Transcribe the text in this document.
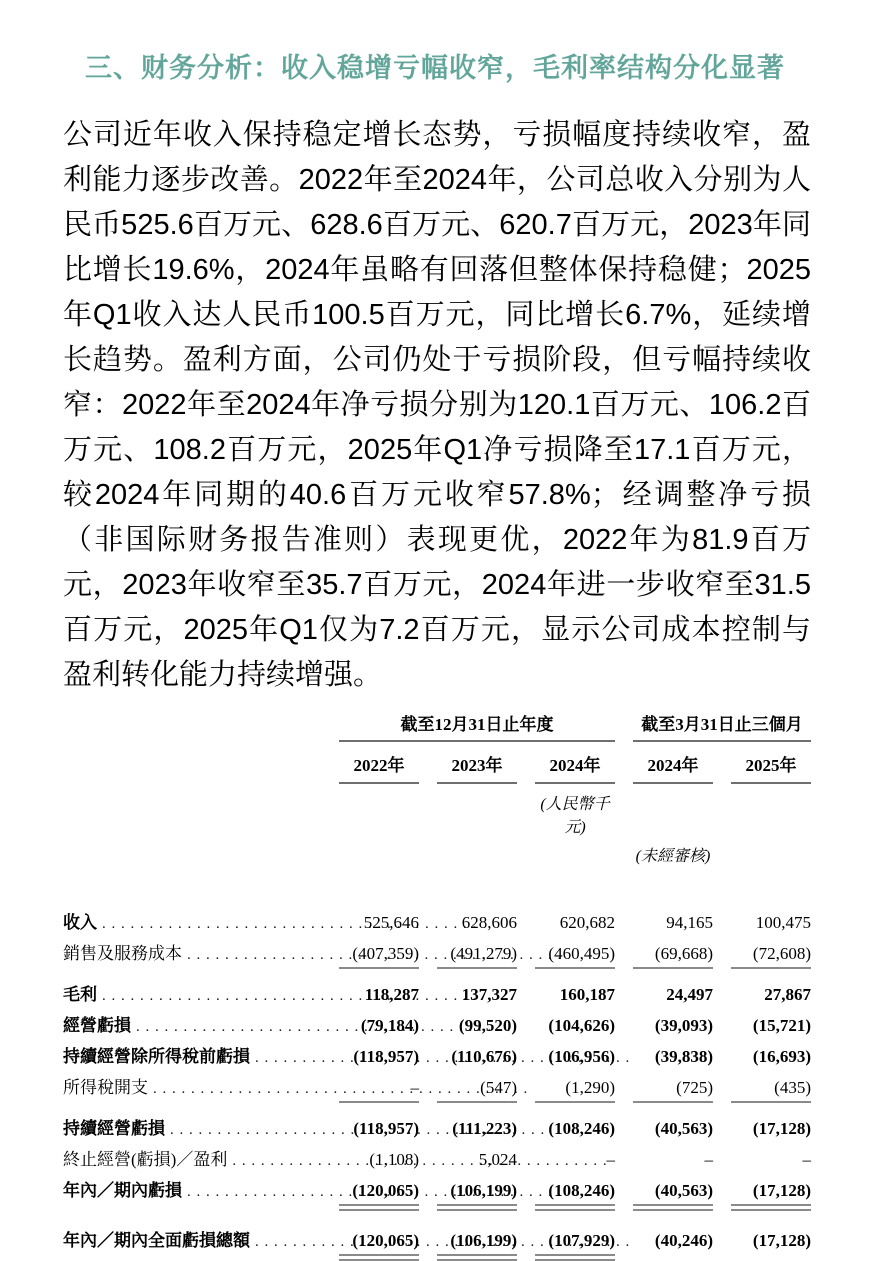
三、财务分析：收入稳增亏幅收窄，毛利率结构分化显著

公司近年收入保持稳定增长态势，亏损幅度持续收窄，盈利能力逐步改善。2022年至2024年，公司总收入分别为人民币525.6百万元、628.6百万元、620.7百万元，2023年同比增长19.6%，2024年虽略有回落但整体保持稳健；2025年Q1收入达人民币100.5百万元，同比增长6.7%，延续增长趋势。盈利方面，公司仍处于亏损阶段，但亏幅持续收窄：2022年至2024年净亏损分别为120.1百万元、106.2百万元、108.2百万元，2025年Q1净亏损降至17.1百万元，较2024年同期的40.6百万元收窄57.8%；经调整净亏损（非国际财务报告准则）表现更优，2022年为81.9百万元，2023年收窄至35.7百万元，2024年进一步收窄至31.5百万元，2025年Q1仅为7.2百万元，显示公司成本控制与盈利转化能力持续增强。

截至12月31日止年度	截至3月31日止三個月
2022年	2023年	2024年	2024年	2025年
(人民幣千元)
(未經審核)
收入 . . .	525,646	628,606	620,682	94,165	100,475
銷售及服務成本 . . .	(407,359)	(491,279)	(460,495)	(69,668)	(72,608)
毛利 . . .	118,287	137,327	160,187	24,497	27,867
經營虧損 . . .	(79,184)	(99,520)	(104,626)	(39,093)	(15,721)
持續經營除所得稅前虧損 . . .	(118,957)	(110,676)	(106,956)	(39,838)	(16,693)
所得稅開支 . . .	–	(547)	(1,290)	(725)	(435)
持續經營虧損 . . .	(118,957)	(111,223)	(108,246)	(40,563)	(17,128)
終止經營(虧損)／盈利 . . .	(1,108)	5,024	–	–	–
年內／期內虧損 . . .	(120,065)	(106,199)	(108,246)	(40,563)	(17,128)
年內／期內全面虧損總額 . . .	(120,065)	(106,199)	(107,929)	(40,246)	(17,128)
